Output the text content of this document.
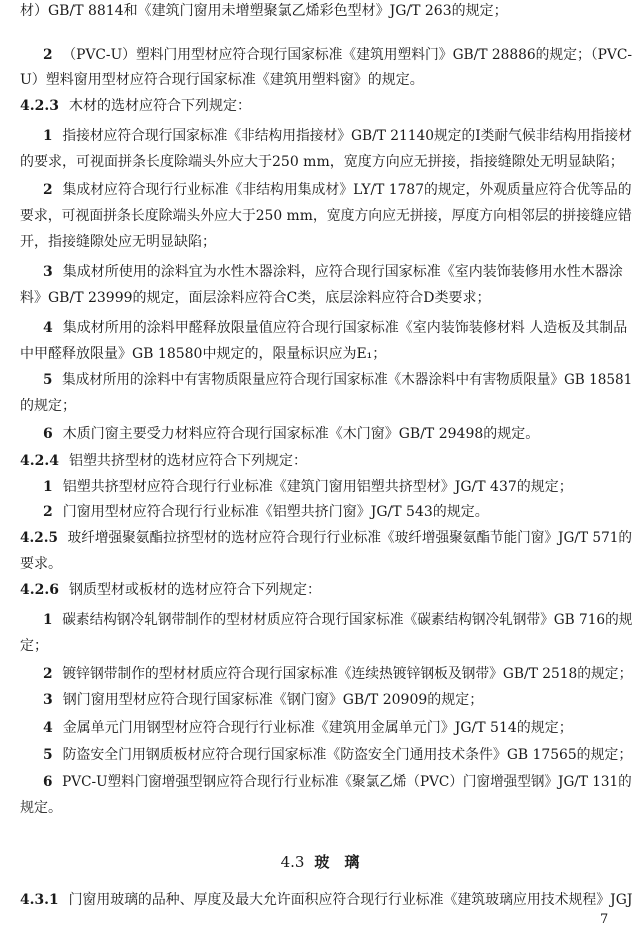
材）GB/T 8814和《建筑门窗用未增塑聚氯乙烯彩色型材》JG/T 263的规定；
2 （PVC-U）塑料门用型材应符合现行国家标准《建筑用塑料门》GB/T 28886的规定；（PVC-
U）塑料窗用型材应符合现行国家标准《建筑用塑料窗》的规定。
4.2.3 木材的选材应符合下列规定：
1 指接材应符合现行国家标准《非结构用指接材》GB/T 21140规定的I类耐气候非结构用指接材
的要求，可视面拼条长度除端头外应大于250 mm，宽度方向应无拼接，指接缝隙处无明显缺陷；
2 集成材应符合现行行业标准《非结构用集成材》LY/T 1787的规定，外观质量应符合优等品的
要求，可视面拼条长度除端头外应大于250 mm，宽度方向应无拼接，厚度方向相邻层的拼接缝应错
开，指接缝隙处应无明显缺陷；
3 集成材所使用的涂料宜为水性木器涂料，应符合现行国家标准《室内装饰装修用水性木器涂
料》GB/T 23999的规定，面层涂料应符合C类，底层涂料应符合D类要求；
4 集成材所用的涂料甲醛释放限量值应符合现行国家标准《室内装饰装修材料 人造板及其制品
中甲醛释放限量》GB 18580中规定的，限量标识应为E₁；
5 集成材所用的涂料中有害物质限量应符合现行国家标准《木器涂料中有害物质限量》GB 18581
的规定；
6 木质门窗主要受力材料应符合现行国家标准《木门窗》GB/T 29498的规定。
4.2.4 铝塑共挤型材的选材应符合下列规定：
1 铝塑共挤型材应符合现行行业标准《建筑门窗用铝塑共挤型材》JG/T 437的规定；
2 门窗用型材应符合现行行业标准《铝塑共挤门窗》JG/T 543的规定。
4.2.5 玻纤增强聚氨酯拉挤型材的选材应符合现行行业标准《玻纤增强聚氨酯节能门窗》JG/T 571的
要求。
4.2.6 钢质型材或板材的选材应符合下列规定：
1 碳素结构钢冷轧钢带制作的型材材质应符合现行国家标准《碳素结构钢冷轧钢带》GB 716的规
定；
2 镀锌钢带制作的型材材质应符合现行国家标准《连续热镀锌钢板及钢带》GB/T 2518的规定；
3 钢门窗用型材应符合现行国家标准《钢门窗》GB/T 20909的规定；
4 金属单元门用钢型材应符合现行行业标准《建筑用金属单元门》JG/T 514的规定；
5 防盗安全门用钢质板材应符合现行国家标准《防盗安全门通用技术条件》GB 17565的规定；
6 PVC-U塑料门窗增强型钢应符合现行行业标准《聚氯乙烯（PVC）门窗增强型钢》JG/T 131的
规定。
4.3 玻　璃
4.3.1 门窗用玻璃的品种、厚度及最大允许面积应符合现行行业标准《建筑玻璃应用技术规程》JGJ
7
